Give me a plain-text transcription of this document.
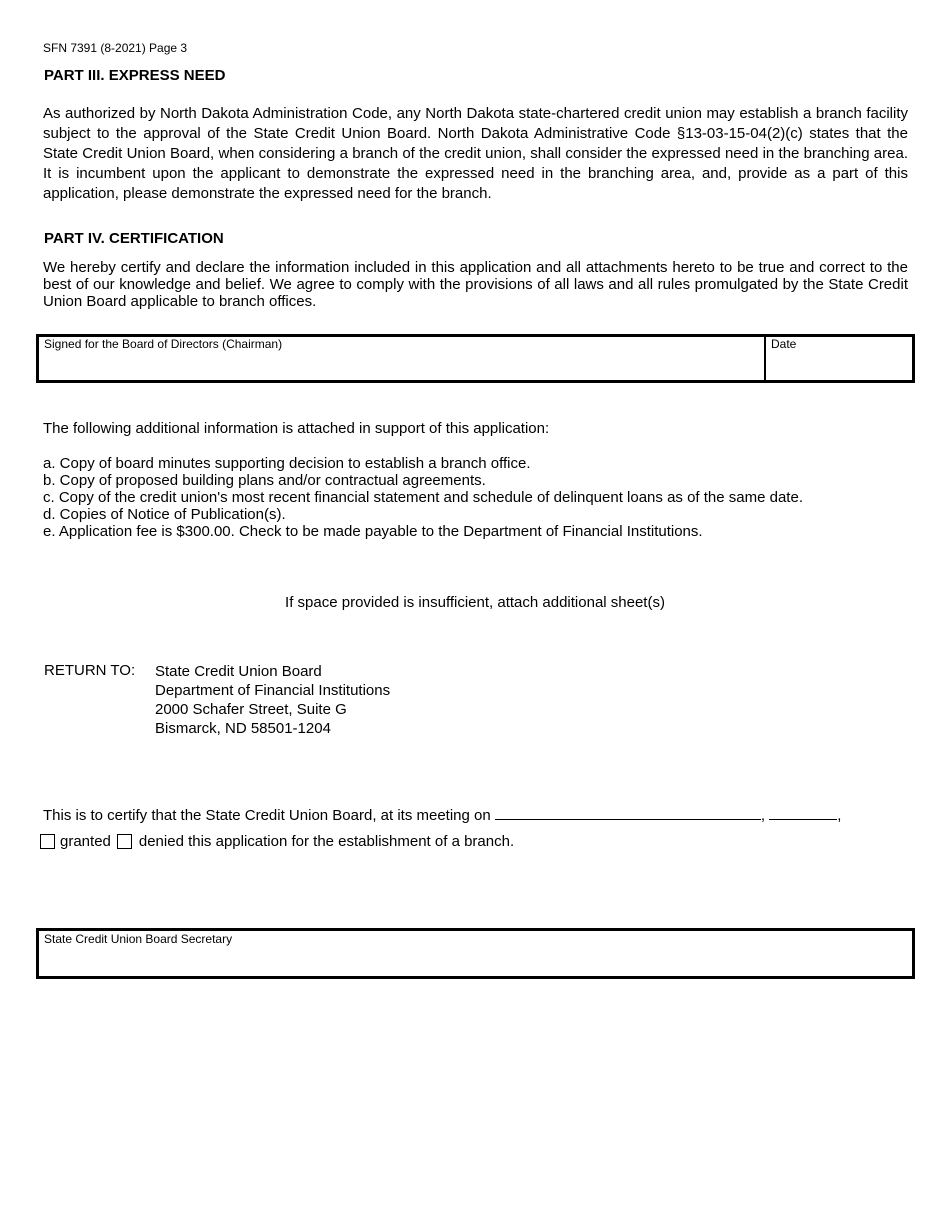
SFN 7391 (8-2021) Page 3
PART III. EXPRESS NEED
As authorized by North Dakota Administration Code, any North Dakota state-chartered credit union may establish a branch facility subject to the approval of the State Credit Union Board. North Dakota Administrative Code §13-03-15-04(2)(c) states that the State Credit Union Board, when considering a branch of the credit union, shall consider the expressed need in the branching area. It is incumbent upon the applicant to demonstrate the expressed need in the branching area, and, provide as a part of this application, please demonstrate the expressed need for the branch.
PART IV. CERTIFICATION
We hereby certify and declare the information included in this application and all attachments hereto to be true and correct to the best of our knowledge and belief. We agree to comply with the provisions of all laws and all rules promulgated by the State Credit Union Board applicable to branch offices.
Signed for the Board of Directors (Chairman)	Date
The following additional information is attached in support of this application:
a. Copy of board minutes supporting decision to establish a branch office.
b. Copy of proposed building plans and/or contractual agreements.
c. Copy of the credit union's most recent financial statement and schedule of delinquent loans as of the same date.
d. Copies of Notice of Publication(s).
e. Application fee is $300.00. Check to be made payable to the Department of Financial Institutions.
If space provided is insufficient, attach additional sheet(s)
RETURN TO: State Credit Union Board
Department of Financial Institutions
2000 Schafer Street, Suite G
Bismarck, ND 58501-1204
This is to certify that the State Credit Union Board, at its meeting on	,	,
granted denied this application for the establishment of a branch.
State Credit Union Board Secretary
